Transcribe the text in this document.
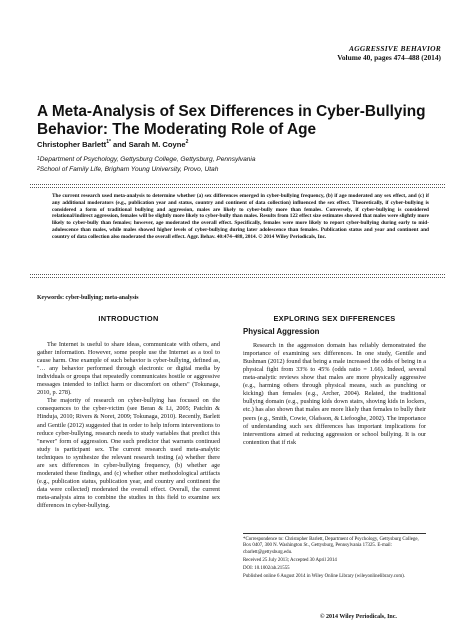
AGGRESSIVE BEHAVIOR
Volume 40, pages 474–488 (2014)
A Meta-Analysis of Sex Differences in Cyber-Bullying Behavior: The Moderating Role of Age
Christopher Barlett$^{1*}$ and Sarah M. Coyne$^2$
$^1$Department of Psychology, Gettysburg College, Gettysburg, Pennsylvania
$^2$School of Family Life, Brigham Young University, Provo, Utah

The current research used meta-analysis to determine whether (a) sex differences emerged in cyber-bullying frequency, (b) if age moderated any sex effect, and (c) if any additional moderators (e.g., publication year and status, country and continent of data collection) influenced the sex effect. Theoretically, if cyber-bullying is considered a form of traditional bullying and aggression, males are likely to cyber-bully more than females. Conversely, if cyber-bullying is considered relational/indirect aggression, females will be slightly more likely to cyber-bully than males. Results from 122 effect size estimates showed that males were slightly more likely to cyber-bully than females; however, age moderated the overall effect. Specifically, females were more likely to report cyber-bullying during early to mid-adolescence than males, while males showed higher levels of cyber-bullying during later adolescence than females. Publication status and year and continent and country of data collection also moderated the overall effect. Aggr. Behav. 40:474–488, 2014. © 2014 Wiley Periodicals, Inc.

Keywords: cyber-bullying; meta-analysis
INTRODUCTION

The Internet is useful to share ideas, communicate with others, and gather information. However, some people use the Internet as a tool to cause harm. One example of such behavior is cyber-bullying, defined as, "… any behavior performed through electronic or digital media by individuals or groups that repeatedly communicates hostile or aggressive messages intended to inflict harm or discomfort on others" (Tokunaga, 2010, p. 278).

The majority of research on cyber-bullying has focused on the consequences to the cyber-victim (see Beran & Li, 2005; Patchin & Hinduja, 2010; Rivers & Noret, 2009; Tokunaga, 2010). Recently, Barlett and Gentile (2012) suggested that in order to help inform interventions to reduce cyber-bullying, research needs to study variables that predict this "newer" form of aggression. One such predictor that warrants continued study is participant sex. The current research used meta-analytic techniques to synthesize the relevant research testing (a) whether there are sex differences in cyber-bullying frequency, (b) whether age moderated these findings, and (c) whether other methodological artifacts (e.g., publication status, publication year, and country and continent the data were collected) moderated the overall effect. Overall, the current meta-analysis aims to combine the studies in this field to examine sex differences in cyber-bullying.

EXPLORING SEX DIFFERENCES
Physical Aggression

Research in the aggression domain has reliably demonstrated the importance of examining sex differences. In one study, Gentile and Bushman (2012) found that being a male increased the odds of being in a physical fight from 33% to 45% (odds ratio = 1.66). Indeed, several meta-analytic reviews show that males are more physically aggressive (e.g., harming others through physical means, such as punching or kicking) than females (e.g., Archer, 2004). Related, the traditional bullying domain (e.g., pushing kids down stairs, shoving kids in lockers, etc.) has also shown that males are more likely than females to bully their peers (e.g., Smith, Cowie, Olafsson, & Liefooghe, 2002). The importance of understanding such sex differences has important implications for interventions aimed at reducing aggression or school bullying. It is our contention that if risk

*Correspondence to: Christopher Barlett, Department of Psychology, Gettysburg College, Box 0407, 300 N. Washington St., Gettysburg, Pennsylvania 17325. E-mail: cbarlett@gettysburg.edu.
Received 25 July 2013; Accepted 30 April 2014
DOI: 10.1002/ab.21555
Published online 6 August 2014 in Wiley Online Library (wileyonlinelibrary.com).
© 2014 Wiley Periodicals, Inc.
